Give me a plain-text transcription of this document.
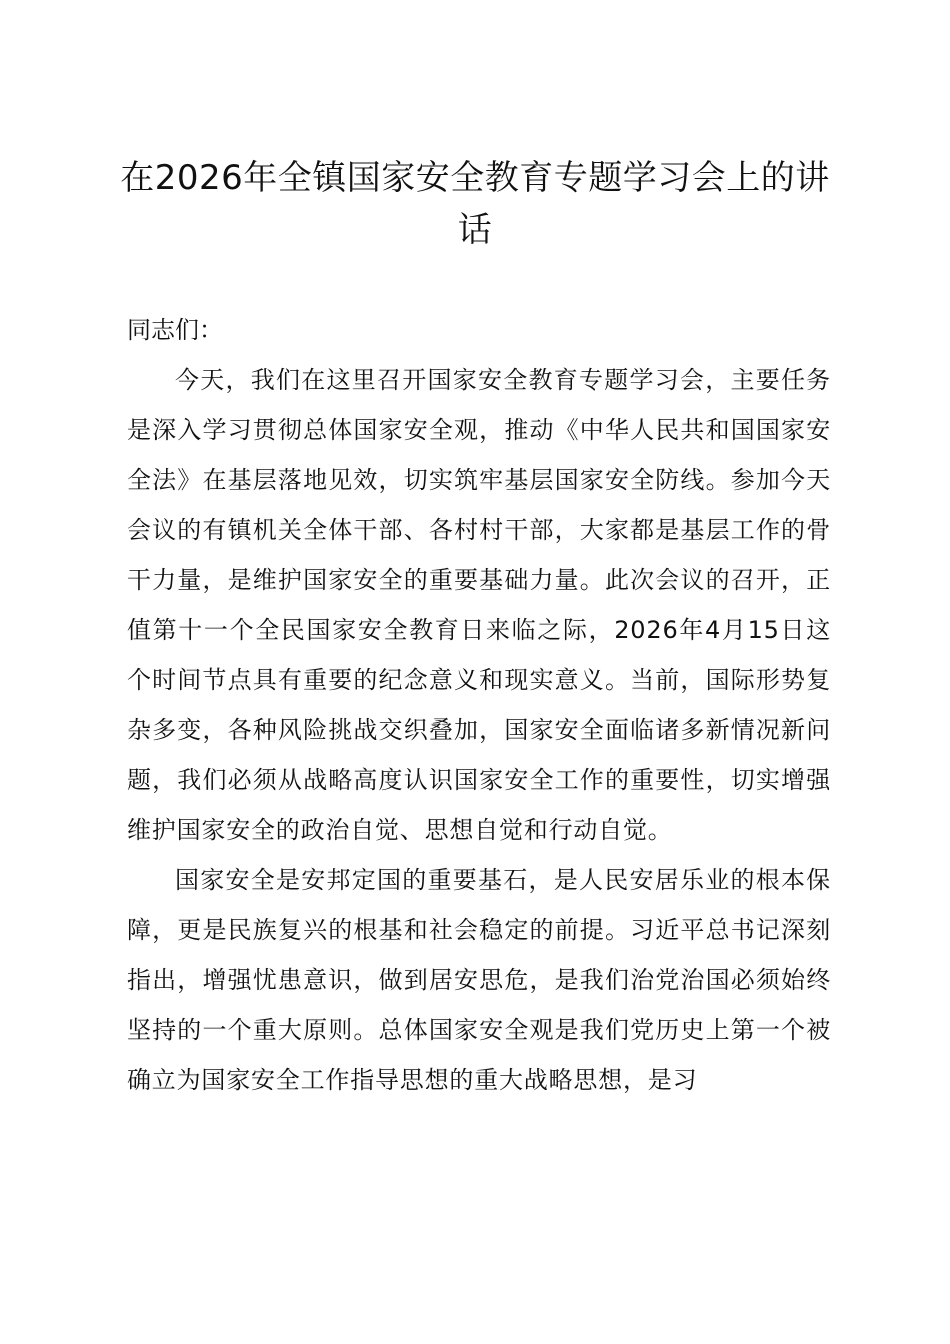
在2026年全镇国家安全教育专题学习会上的讲话

同志们：

今天，我们在这里召开国家安全教育专题学习会，主要任务是深入学习贯彻总体国家安全观，推动《中华人民共和国国家安全法》在基层落地见效，切实筑牢基层国家安全防线。参加今天会议的有镇机关全体干部、各村村干部，大家都是基层工作的骨干力量，是维护国家安全的重要基础力量。此次会议的召开，正值第十一个全民国家安全教育日来临之际，2026年4月15日这个时间节点具有重要的纪念意义和现实意义。当前，国际形势复杂多变，各种风险挑战交织叠加，国家安全面临诸多新情况新问题，我们必须从战略高度认识国家安全工作的重要性，切实增强维护国家安全的政治自觉、思想自觉和行动自觉。

国家安全是安邦定国的重要基石，是人民安居乐业的根本保障，更是民族复兴的根基和社会稳定的前提。习近平总书记深刻指出，增强忧患意识，做到居安思危，是我们治党治国必须始终坚持的一个重大原则。总体国家安全观是我们党历史上第一个被确立为国家安全工作指导思想的重大战略思想，是习
